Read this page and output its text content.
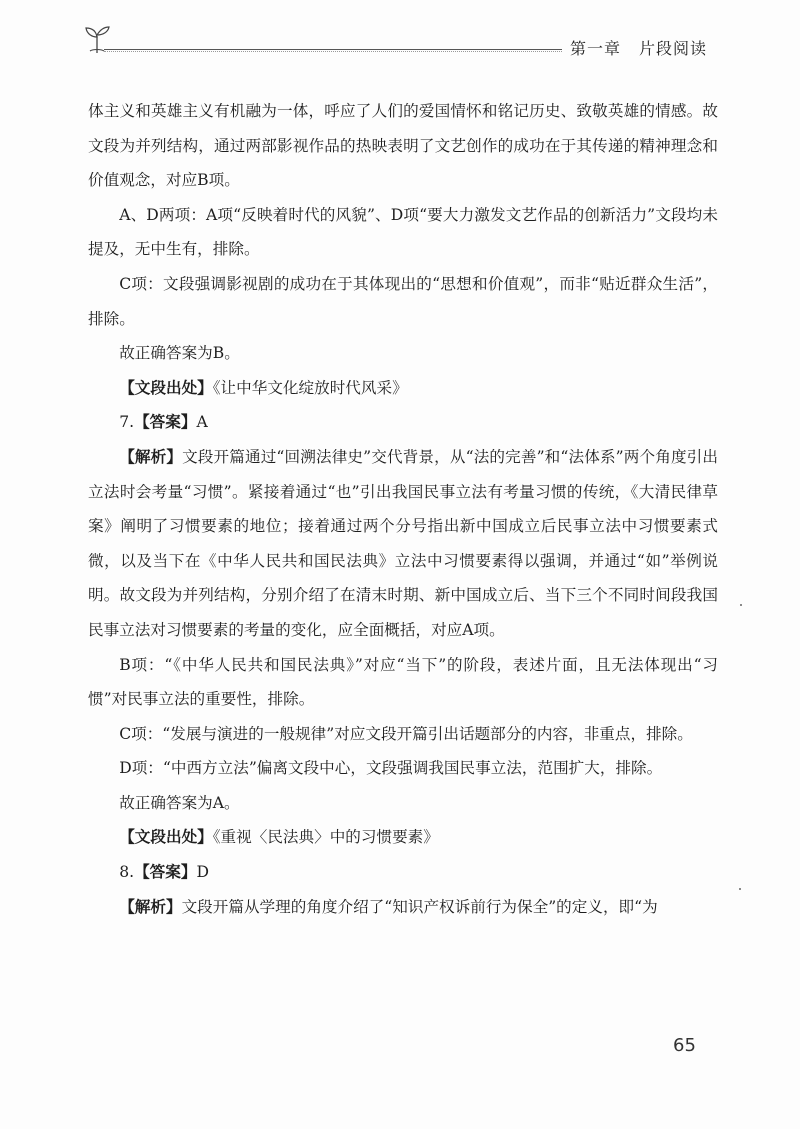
第一章 片段阅读

体主义和英雄主义有机融为一体，呼应了人们的爱国情怀和铭记历史、致敬英雄的情感。故文段为并列结构，通过两部影视作品的热映表明了文艺创作的成功在于其传递的精神理念和价值观念，对应B项。

A、D两项：A项“反映着时代的风貌”、D项“要大力激发文艺作品的创新活力”文段均未提及，无中生有，排除。

C项：文段强调影视剧的成功在于其体现出的“思想和价值观”，而非“贴近群众生活”，排除。

故正确答案为B。

【文段出处】《让中华文化绽放时代风采》

7.【答案】A

【解析】文段开篇通过“回溯法律史”交代背景，从“法的完善”和“法体系”两个角度引出立法时会考量“习惯”。紧接着通过“也”引出我国民事立法有考量习惯的传统，《大清民律草案》阐明了习惯要素的地位；接着通过两个分号指出新中国成立后民事立法中习惯要素式微，以及当下在《中华人民共和国民法典》立法中习惯要素得以强调，并通过“如”举例说明。故文段为并列结构，分别介绍了在清末时期、新中国成立后、当下三个不同时间段我国民事立法对习惯要素的考量的变化，应全面概括，对应A项。

B项：“《中华人民共和国民法典》”对应“当下”的阶段，表述片面，且无法体现出“习惯”对民事立法的重要性，排除。

C项：“发展与演进的一般规律”对应文段开篇引出话题部分的内容，非重点，排除。

D项：“中西方立法”偏离文段中心，文段强调我国民事立法，范围扩大，排除。

故正确答案为A。

【文段出处】《重视〈民法典〉中的习惯要素》

8.【答案】D

【解析】文段开篇从学理的角度介绍了“知识产权诉前行为保全”的定义，即“为

65
